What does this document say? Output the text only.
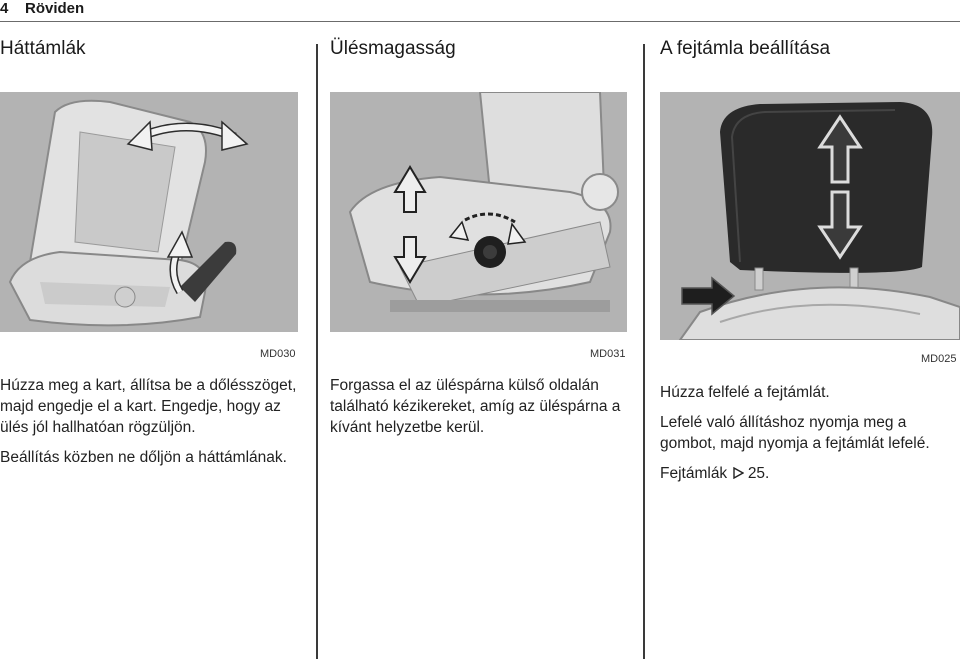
4 Röviden
Háttámlák
MD030

Húzza meg a kart, állítsa be a dőlésszöget, majd engedje el a kart. Engedje, hogy az ülés jól hallhatóan rögzüljön.

Beállítás közben ne dőljön a háttámlának.

Ülésmagasság
MD031

Forgassa el az üléspárna külső oldalán található kézikereket, amíg az üléspárna a kívánt helyzetbe kerül.

A fejtámla beállítása
MD025

Húzza felfelé a fejtámlát.

Lefelé való állításhoz nyomja meg a gombot, majd nyomja a fejtámlát lefelé.

Fejtámlák 25.
